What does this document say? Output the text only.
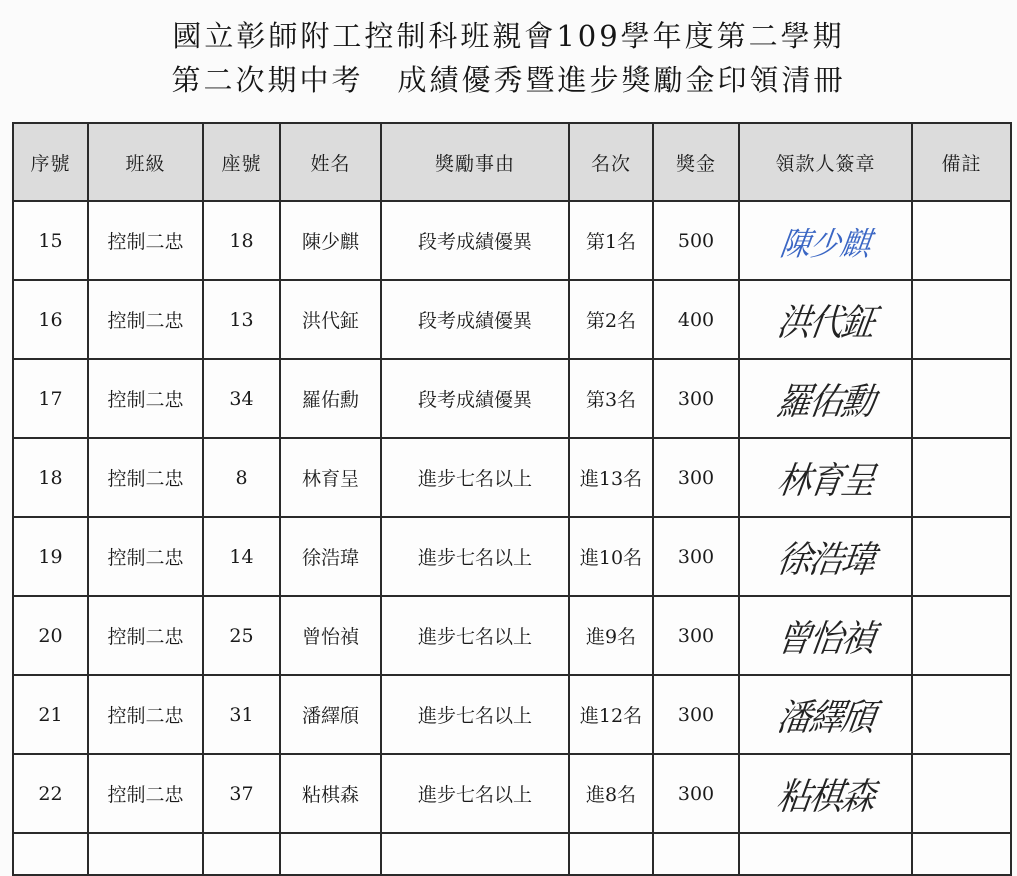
國立彰師附工控制科班親會109學年度第二學期
第二次期中考 成績優秀暨進步獎勵金印領清冊
序號	班級	座號	姓名	獎勵事由	名次	獎金	領款人簽章	備註
15	控制二忠	18	陳少麒	段考成績優異	第1名	500	陳少麒	
16	控制二忠	13	洪代鉦	段考成績優異	第2名	400	洪代鉦	
17	控制二忠	34	羅佑勳	段考成績優異	第3名	300	羅佑勳	
18	控制二忠	8	林育呈	進步七名以上	進13名	300	林育呈	
19	控制二忠	14	徐浩瑋	進步七名以上	進10名	300	徐浩瑋	
20	控制二忠	25	曾怡禎	進步七名以上	進9名	300	曾怡禎	
21	控制二忠	31	潘繹頎	進步七名以上	進12名	300	潘繹頎	
22	控制二忠	37	粘棋森	進步七名以上	進8名	300	粘棋森	
